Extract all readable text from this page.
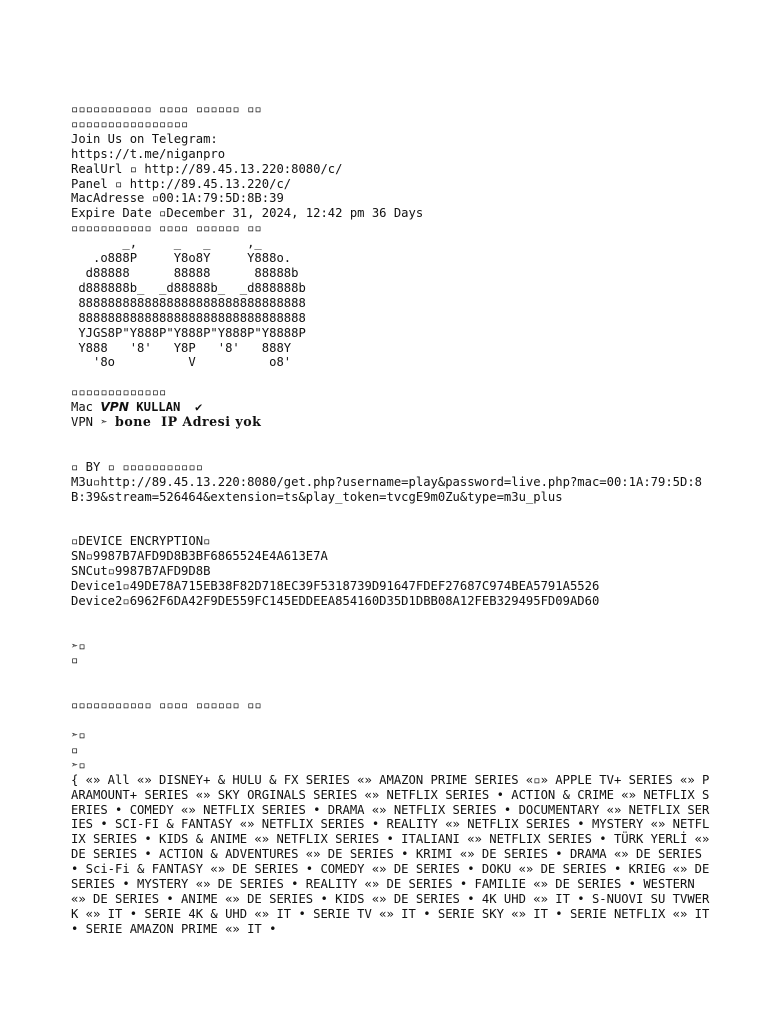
▫▫▫▫▫▫▫▫▫▫▫ ▫▫▫▫ ▫▫▫▫▫▫ ▫▫
▫▫▫▫▫▫▫▫▫▫▫▫▫▫▫▫
Join Us on Telegram:
https://t.me/niganpro
RealUrl ▫ http://89.45.13.220:8080/c/
Panel ▫ http://89.45.13.220/c/
MacAdresse ▫00:1A:79:5D:8B:39
Expire Date ▫December 31, 2024, 12:42 pm 36 Days
▫▫▫▫▫▫▫▫▫▫▫ ▫▫▫▫ ▫▫▫▫▫▫ ▫▫
_,     _   _     ,_
.o888P     Y8o8Y     Y888o.
d88888      88888      88888b
d888888b_  _d88888b_  _d888888b
8888888888888888888888888888888
8888888888888888888888888888888
YJGS8P"Y888P"Y888P"Y888P"Y8888P
Y888   '8'   Y8P   '8'   888Y
'8o          V          o8'
▫▫▫▫▫▫▫▫▫▫▫▫▫
Mac VPN KULLAN  ✔
VPN ➣ bone  IP Adresi yok
▫ BY ▫ ▫▫▫▫▫▫▫▫▫▫▫
M3u▫http://89.45.13.220:8080/get.php?username=play&password=live.php?mac=00:1A:79:5D:8B:39&stream=526464&extension=ts&play_token=tvcgE9m0Zu&type=m3u_plus
▫DEVICE ENCRYPTION▫
SN▫9987B7AFD9D8B3BF6865524E4A613E7A
SNCut▫9987B7AFD9D8B
Device1▫49DE78A715EB38F82D718EC39F5318739D91647FDEF27687C974BEA5791A5526
Device2▫6962F6DA42F9DE559FC145EDDEEA854160D35D1DBB08A12FEB329495FD09AD60
➣▫
▫
▫▫▫▫▫▫▫▫▫▫▫ ▫▫▫▫ ▫▫▫▫▫▫ ▫▫
➣▫
▫
➣▫
{ «» All «» DISNEY+ & HULU & FX SERIES «» AMAZON PRIME SERIES «▫» APPLE TV+ SERIES «» PARAMOUNT+ SERIES «» SKY ORGINALS SERIES «» NETFLIX SERIES • ACTION & CRIME «» NETFLIX SERIES • COMEDY «» NETFLIX SERIES • DRAMA «» NETFLIX SERIES • DOCUMENTARY «» NETFLIX SERIES • SCI-FI & FANTASY «» NETFLIX SERIES • REALITY «» NETFLIX SERIES • MYSTERY «» NETFLIX SERIES • KIDS & ANIME «» NETFLIX SERIES • ITALIANI «» NETFLIX SERIES • TÜRK YERLİ «» DE SERIES • ACTION & ADVENTURES «» DE SERIES • KRIMI «» DE SERIES • DRAMA «» DE SERIES • Sci-Fi & FANTASY «» DE SERIES • COMEDY «» DE SERIES • DOKU «» DE SERIES • KRIEG «» DE SERIES • MYSTERY «» DE SERIES • REALITY «» DE SERIES • FAMILIE «» DE SERIES • WESTERN «» DE SERIES • ANIME «» DE SERIES • KIDS «» DE SERIES • 4K UHD «» IT • S-NUOVI SU TVWERK «» IT • SERIE 4K & UHD «» IT • SERIE TV «» IT • SERIE SKY «» IT • SERIE NETFLIX «» IT • SERIE AMAZON PRIME «» IT •
